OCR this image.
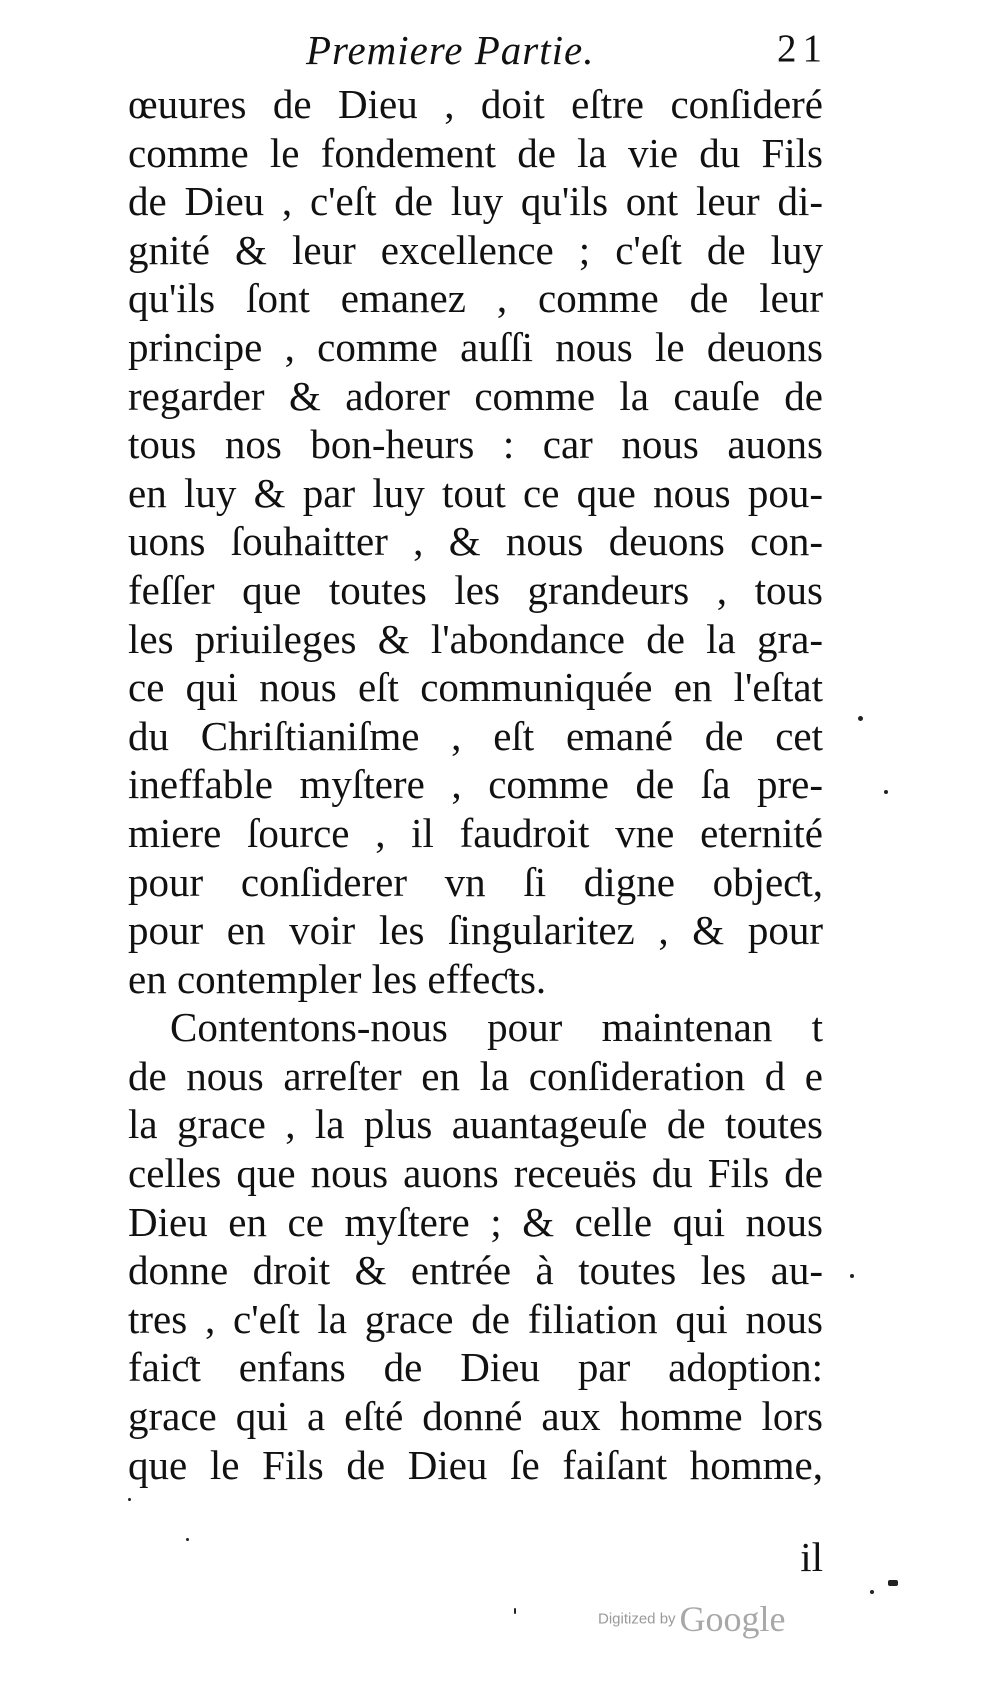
Premiere Partie.	21
œuures de Dieu , doit eſtre conſideré
comme le fondement de la vie du Fils
de Dieu , c'eſt de luy qu'ils ont leur di-
gnité & leur excellence ; c'eſt de luy
qu'ils ſont emanez , comme de leur
principe , comme auſſi nous le deuons
regarder & adorer comme la cauſe de
tous nos bon-heurs : car nous auons
en luy & par luy tout ce que nous pou-
uons ſouhaitter , & nous deuons con-
feſſer que toutes les grandeurs , tous
les priuileges & l'abondance de la gra-
ce qui nous eſt communiquée en l'eſtat
du Chriſtianiſme , eſt emané de cet
ineffable myſtere , comme de ſa pre-
miere ſource , il faudroit vne eternité
pour conſiderer vn ſi digne objeƈt,
pour en voir les ſingularitez , & pour
en contempler les effeƈts.
Contentons-nous pour maintenan t
de nous arreſter en la conſideration d e
la grace , la plus auantageuſe de toutes
celles que nous auons receuës du Fils de
Dieu en ce myſtere ; & celle qui nous
donne droit & entrée à toutes les au-
tres , c'eſt la grace de filiation qui nous
faiƈt enfans de Dieu par adoption:
grace qui a eſté donné aux homme lors
que le Fils de Dieu ſe faiſant homme,
il
Digitized by Google
